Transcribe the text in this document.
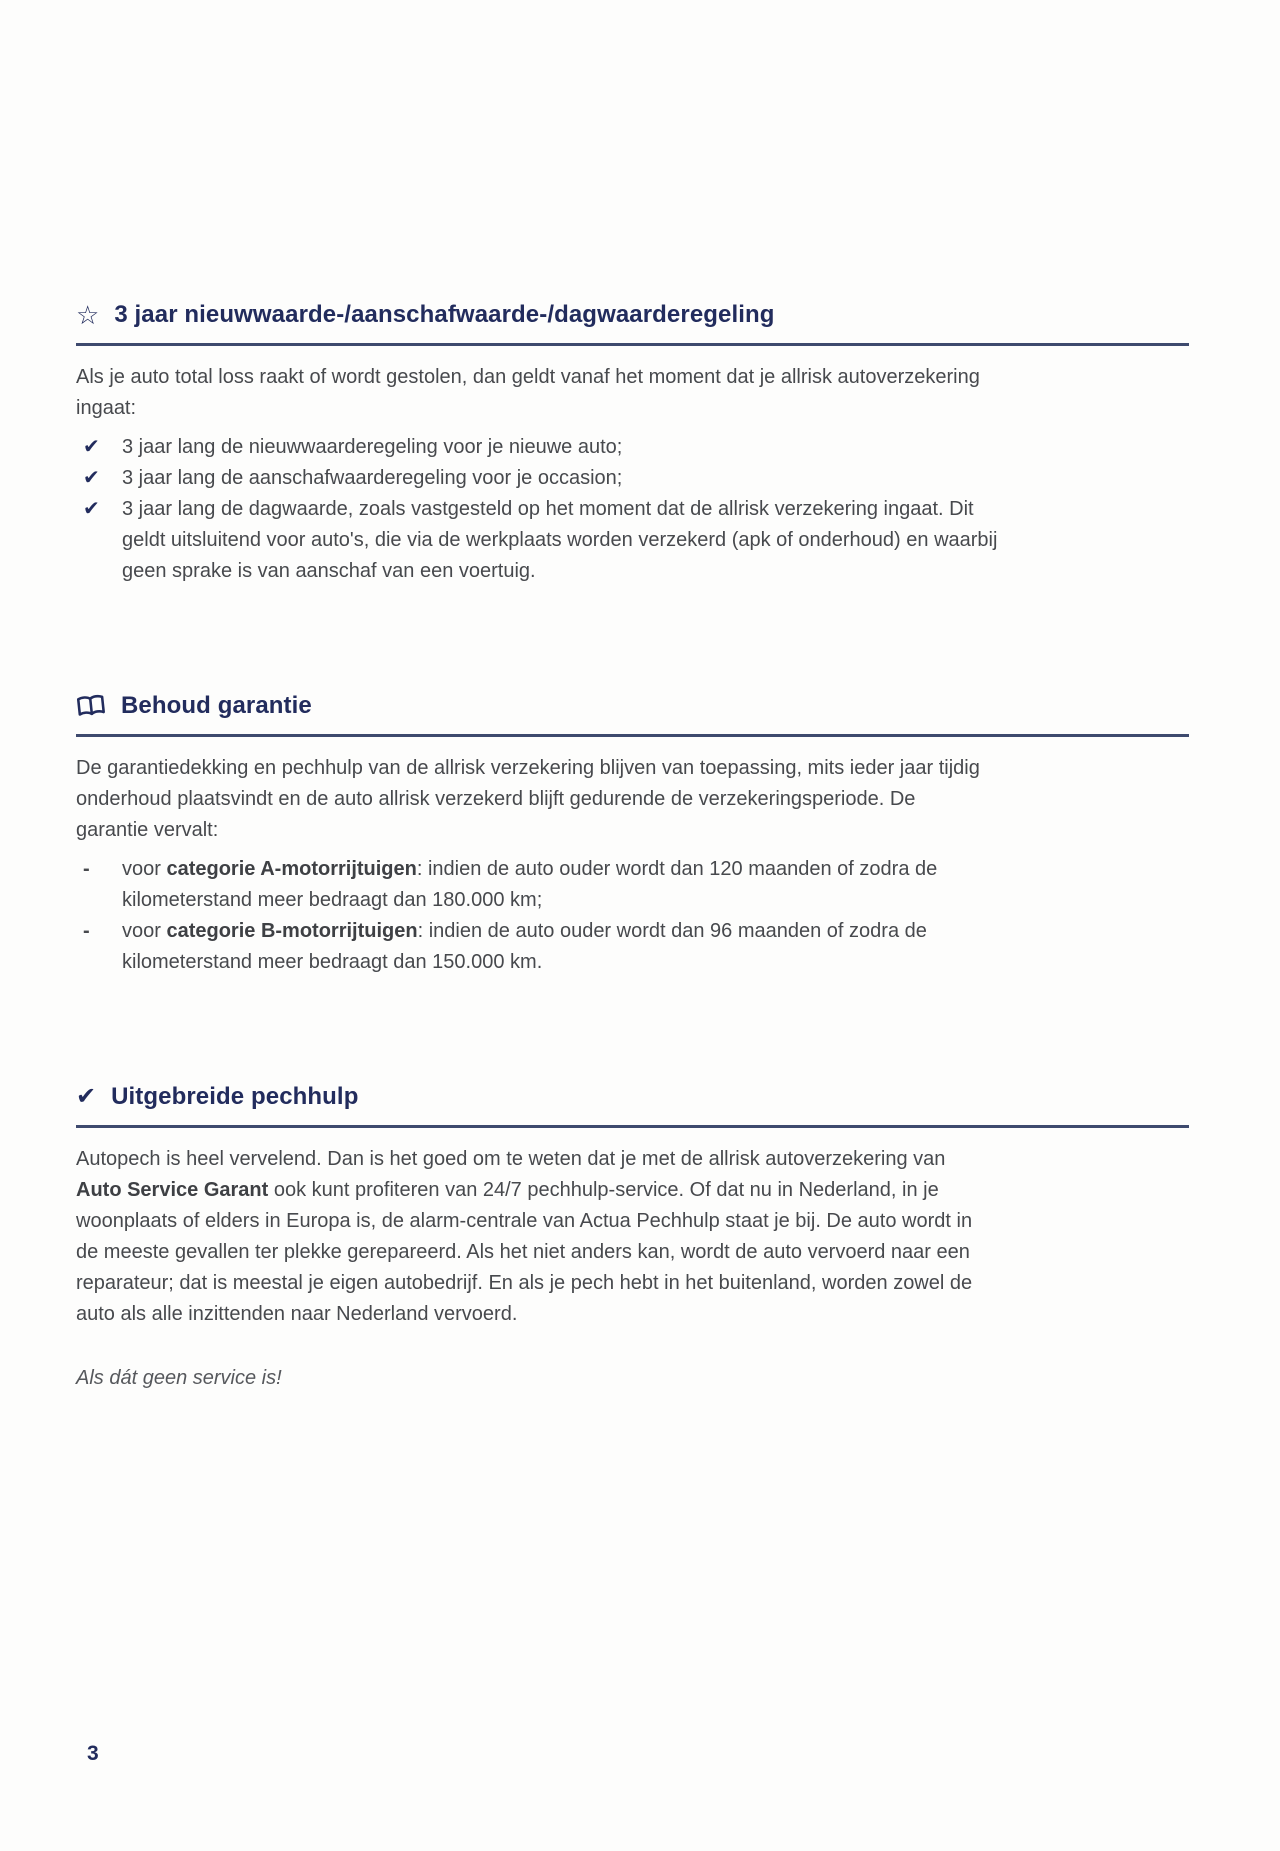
☆ 3 jaar nieuwwaarde-/aanschafwaarde-/dagwaarderegeling

Als je auto total loss raakt of wordt gestolen, dan geldt vanaf het moment dat je allrisk autoverzekering ingaat:

✔	3 jaar lang de nieuwwaarderegeling voor je nieuwe auto;
✔	3 jaar lang de aanschafwaarderegeling voor je occasion;
✔	3 jaar lang de dagwaarde, zoals vastgesteld op het moment dat de allrisk verzekering ingaat. Dit geldt uitsluitend voor auto's, die via de werkplaats worden verzekerd (apk of onderhoud) en waarbij geen sprake is van aanschaf van een voertuig.
Behoud garantie

De garantiedekking en pechhulp van de allrisk verzekering blijven van toepassing, mits ieder jaar tijdig onderhoud plaatsvindt en de auto allrisk verzekerd blijft gedurende de verzekeringsperiode. De garantie vervalt:

-	voor categorie A-motorrijtuigen: indien de auto ouder wordt dan 120 maanden of zodra de kilometerstand meer bedraagt dan 180.000 km;
-	voor categorie B-motorrijtuigen: indien de auto ouder wordt dan 96 maanden of zodra de kilometerstand meer bedraagt dan 150.000 km.
✔ Uitgebreide pechhulp

Autopech is heel vervelend. Dan is het goed om te weten dat je met de allrisk autoverzekering van Auto Service Garant ook kunt profiteren van 24/7 pechhulp-service. Of dat nu in Nederland, in je woonplaats of elders in Europa is, de alarm-centrale van Actua Pechhulp staat je bij. De auto wordt in de meeste gevallen ter plekke gerepareerd. Als het niet anders kan, wordt de auto vervoerd naar een reparateur; dat is meestal je eigen autobedrijf. En als je pech hebt in het buitenland, worden zowel de auto als alle inzittenden naar Nederland vervoerd.

Als dát geen service is!

3
